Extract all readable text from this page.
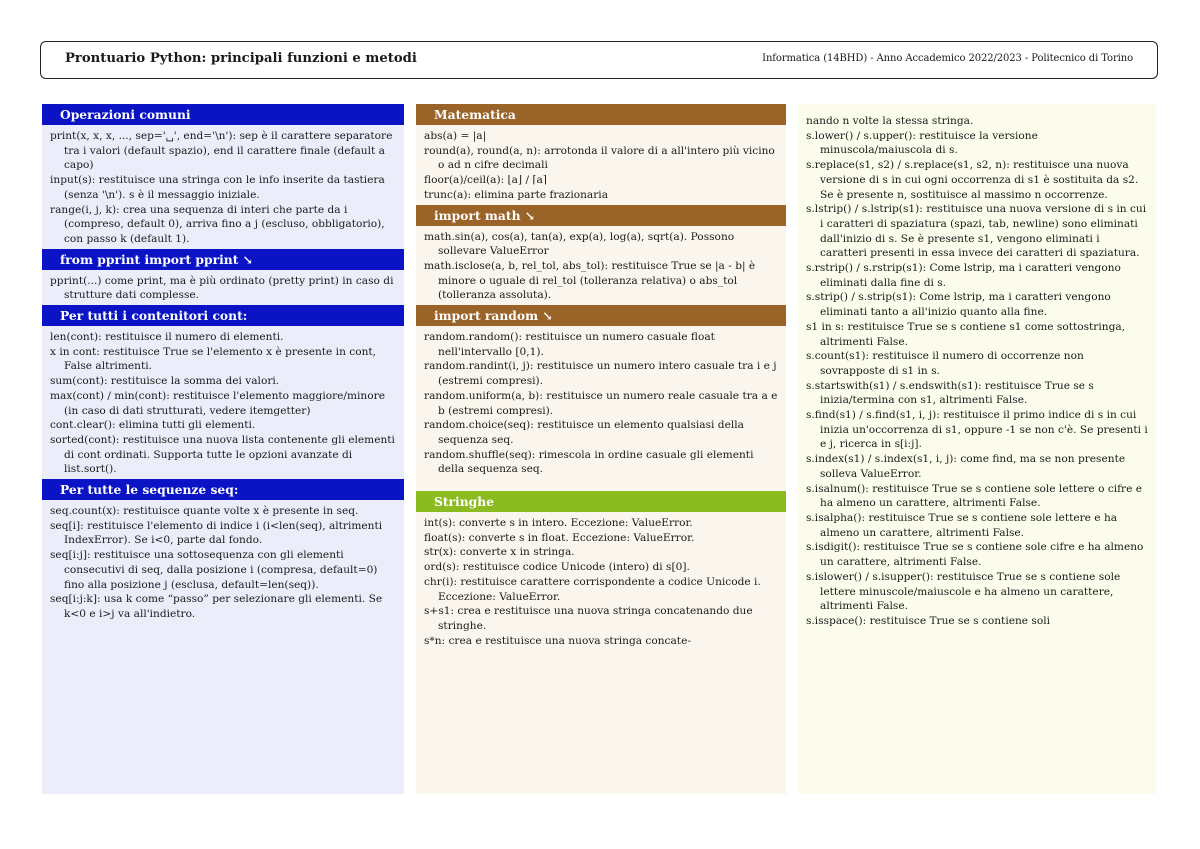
Prontuario Python: principali funzioni e metodi	Informatica (14BHD) - Anno Accademico 2022/2023 - Politecnico di Torino
Operazioni comuni

print(x, x, x, ..., sep='␣', end='\n'): sep è il carattere separatore tra i valori (default spazio), end il carattere finale (default a capo)

input(s): restituisce una stringa con le info inserite da tastiera (senza '\n'). s è il messaggio iniziale.

range(i, j, k): crea una sequenza di interi che parte da i (compreso, default 0), arriva fino a j (escluso, obbligatorio), con passo k (default 1).

from pprint import pprint ↘

pprint(...) come print, ma è più ordinato (pretty print) in caso di strutture dati complesse.

Per tutti i contenitori cont:

len(cont): restituisce il numero di elementi.

x in cont: restituisce True se l'elemento x è presente in cont, False altrimenti.

sum(cont): restituisce la somma dei valori.

max(cont) / min(cont): restituisce l'elemento maggiore/minore (in caso di dati strutturati, vedere itemgetter)

cont.clear(): elimina tutti gli elementi.

sorted(cont): restituisce una nuova lista contenente gli elementi di cont ordinati. Supporta tutte le opzioni avanzate di list.sort().

Per tutte le sequenze seq:

seq.count(x): restituisce quante volte x è presente in seq.

seq[i]: restituisce l'elemento di indice i (i<len(seq), altrimenti IndexError). Se i<0, parte dal fondo.

seq[i:j]: restituisce una sottosequenza con gli elementi consecutivi di seq, dalla posizione i (compresa, default=0) fino alla posizione j (esclusa, default=len(seq)).

seq[i:j:k]: usa k come “passo” per selezionare gli elementi. Se k<0 e i>j va all'indietro.

Matematica

abs(a) = |a|

round(a), round(a, n): arrotonda il valore di a all'intero più vicino o ad n cifre decimali

floor(a)/ceil(a): ⌊a⌋ / ⌈a⌉

trunc(a): elimina parte frazionaria

import math ↘

math.sin(a), cos(a), tan(a), exp(a), log(a), sqrt(a). Possono sollevare ValueError

math.isclose(a, b, rel_tol, abs_tol): restituisce True se |a - b| è minore o uguale di rel_tol (tolleranza relativa) o abs_tol (tolleranza assoluta).

import random ↘

random.random(): restituisce un numero casuale float nell'intervallo [0,1).

random.randint(i, j): restituisce un numero intero casuale tra i e j (estremi compresi).

random.uniform(a, b): restituisce un numero reale casuale tra a e b (estremi compresi).

random.choice(seq): restituisce un elemento qualsiasi della sequenza seq.

random.shuffle(seq): rimescola in ordine casuale gli elementi della sequenza seq.

Stringhe

int(s): converte s in intero. Eccezione: ValueError.

float(s): converte s in float. Eccezione: ValueError.

str(x): converte x in stringa.

ord(s): restituisce codice Unicode (intero) di s[0].

chr(i): restituisce carattere corrispondente a codice Unicode i. Eccezione: ValueError.

s+s1: crea e restituisce una nuova stringa concatenando due stringhe.

s*n: crea e restituisce una nuova stringa concate-

nando n volte la stessa stringa.

s.lower() / s.upper(): restituisce la versione minuscola/maiuscola di s.

s.replace(s1, s2) / s.replace(s1, s2, n): restituisce una nuova versione di s in cui ogni occorrenza di s1 è sostituita da s2. Se è presente n, sostituisce al massimo n occorrenze.

s.lstrip() / s.lstrip(s1): restituisce una nuova versione di s in cui i caratteri di spaziatura (spazi, tab, newline) sono eliminati dall'inizio di s. Se è presente s1, vengono eliminati i caratteri presenti in essa invece dei caratteri di spaziatura.

s.rstrip() / s.rstrip(s1): Come lstrip, ma i caratteri vengono eliminati dalla fine di s.

s.strip() / s.strip(s1): Come lstrip, ma i caratteri vengono eliminati tanto a all'inizio quanto alla fine.

s1 in s: restituisce True se s contiene s1 come sottostringa, altrimenti False.

s.count(s1): restituisce il numero di occorrenze non sovrapposte di s1 in s.

s.startswith(s1) / s.endswith(s1): restituisce True se s inizia/termina con s1, altrimenti False.

s.find(s1) / s.find(s1, i, j): restituisce il primo indice di s in cui inizia un'occorrenza di s1, oppure -1 se non c'è. Se presenti i e j, ricerca in s[i:j].

s.index(s1) / s.index(s1, i, j): come find, ma se non presente solleva ValueError.

s.isalnum(): restituisce True se s contiene sole lettere o cifre e ha almeno un carattere, altrimenti False.

s.isalpha(): restituisce True se s contiene sole lettere e ha almeno un carattere, altrimenti False.

s.isdigit(): restituisce True se s contiene sole cifre e ha almeno un carattere, altrimenti False.

s.islower() / s.isupper(): restituisce True se s contiene sole lettere minuscole/maiuscole e ha almeno un carattere, altrimenti False.

s.isspace(): restituisce True se s contiene soli
